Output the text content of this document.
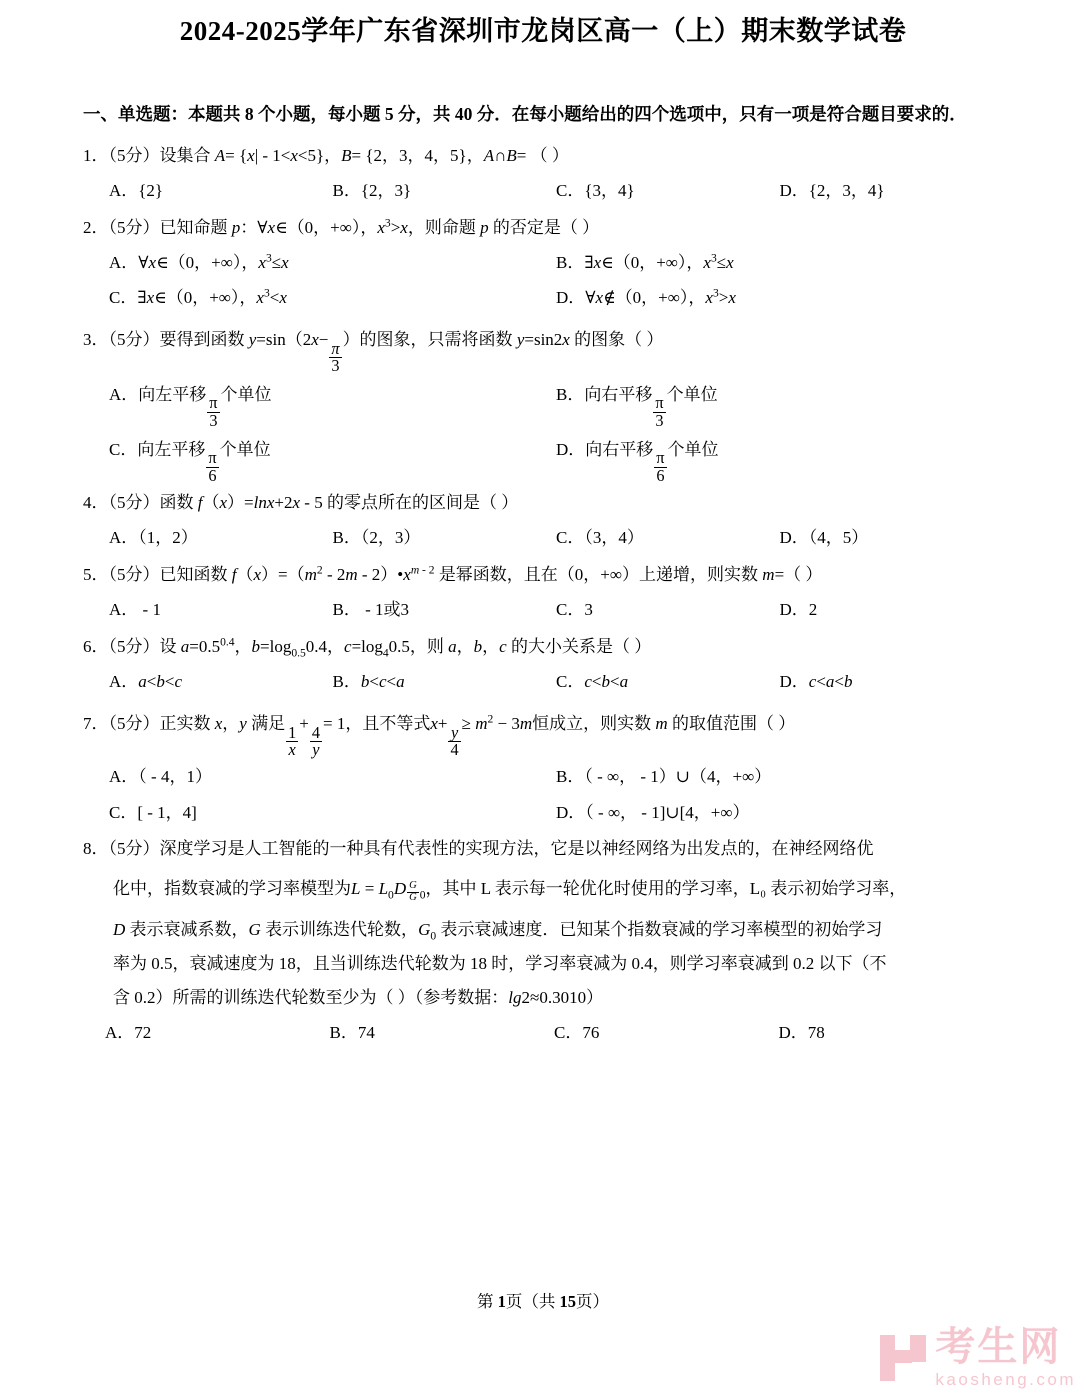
2024-2025学年广东省深圳市龙岗区高一（上）期末数学试卷
一、单选题：本题共 8 个小题，每小题 5 分，共 40 分．在每小题给出的四个选项中，只有一项是符合题目要求的．
1．（5分）设集合 A= {x| - 1<x<5}，B= {2，3，4，5}，A∩B= （ ）
A．{2}	B．{2，3}	C．{3，4}	D．{2，3，4}
2．（5分）已知命题 p：∀x∈（0，+∞），$x^3>x$，则命题 p 的否定是（ ）
A．∀x∈（0，+∞），$x^3\le x$	B．∃x∈（0，+∞），$x^3\le x$
C．∃x∈（0，+∞），$x^3<x$	D．∀x∉（0，+∞），$x^3>x$
3．（5分）要得到函数 y=sin（2x−
$\frac{\pi}{3}$
）的图象，只需将函数 y=sin2x 的图象（ ）
A．向左平移
$\frac{\pi}{3}$
个单位	B．向右平移
$\frac{\pi}{3}$
个单位
C．向左平移
$\frac{\pi}{6}$
个单位	D．向右平移
$\frac{\pi}{6}$
个单位
4．（5分）函数 f（x）=lnx+2x - 5 的零点所在的区间是（ ）
A．（1，2）	B．（2，3）	C．（3，4）	D．（4，5）
5．（5分）已知函数 $f(x)=(m^2 - 2m$ - $2)•x^{m - 2}$ 是幂函数，且在（0，+∞）上递增，则实数 m=（ ）
A． - 1	B． - 1或3	C．3	D．2
6．（5分）设 $a=0.5^{0.4}$，$b=\log_{0.5}0.4$，$c=\log_40.5$，则 a，b，c 的大小关系是（ ）
A．a<b<c	B．b<c<a	C．c<b<a	D．c<a<b
7．（5分）正实数 x，y 满足
$\frac{1}{x}$
+
$\frac{4}{y}$
= 1，且不等式x+
$\frac{y}{4}$
≥ $m^2 - 3m$恒成立，则实数 m 的取值范围（ ）
A．（ - 4，1）	B．（ - ∞， - 1）∪（4，+∞）
C．[ - 1，4]	D．（ - ∞， - 1]∪[4，+∞）
8．（5分）深度学习是人工智能的一种具有代表性的实现方法，它是以神经网络为出发点的，在神经网络优
化中，指数衰减的学习率模型为$L = L_0D \frac{G}{G} _0$，其中 L 表示每一轮优化时使用的学习率，L₀ 表示初始学习率，
D 表示衰减系数，G 表示训练迭代轮数，$G_0$ 表示衰减速度．已知某个指数衰减的学习率模型的初始学习
率为 0.5，衰减速度为 18，且当训练迭代轮数为 18 时，学习率衰减为 0.4，则学习率衰减到 0.2 以下（不
含 0.2）所需的训练迭代轮数至少为（ ）（参考数据：lg2≈0.3010）
A．72	B．74	C．76	D．78
第 1页（共 15页）
考生网
kaosheng.com
